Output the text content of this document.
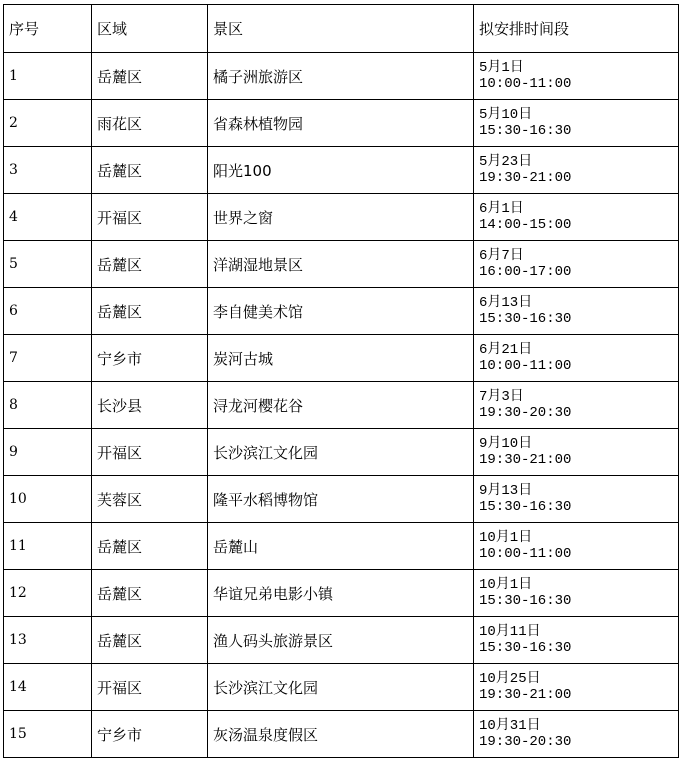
序号	区域	景区	拟安排时间段
1	岳麓区	橘子洲旅游区	5月1日
10:00-11:00

2	雨花区	省森林植物园	5月10日
15:30-16:30

3	岳麓区	阳光100	5月23日
19:30-21:00

4	开福区	世界之窗	6月1日
14:00-15:00

5	岳麓区	洋湖湿地景区	6月7日
16:00-17:00

6	岳麓区	李自健美术馆	6月13日
15:30-16:30

7	宁乡市	炭河古城	6月21日
10:00-11:00

8	长沙县	浔龙河樱花谷	7月3日
19:30-20:30

9	开福区	长沙滨江文化园	9月10日
19:30-21:00

10	芙蓉区	隆平水稻博物馆	9月13日
15:30-16:30

11	岳麓区	岳麓山	10月1日
10:00-11:00

12	岳麓区	华谊兄弟电影小镇	10月1日
15:30-16:30

13	岳麓区	渔人码头旅游景区	10月11日
15:30-16:30

14	开福区	长沙滨江文化园	10月25日
19:30-21:00

15	宁乡市	灰汤温泉度假区	10月31日
19:30-20:30
